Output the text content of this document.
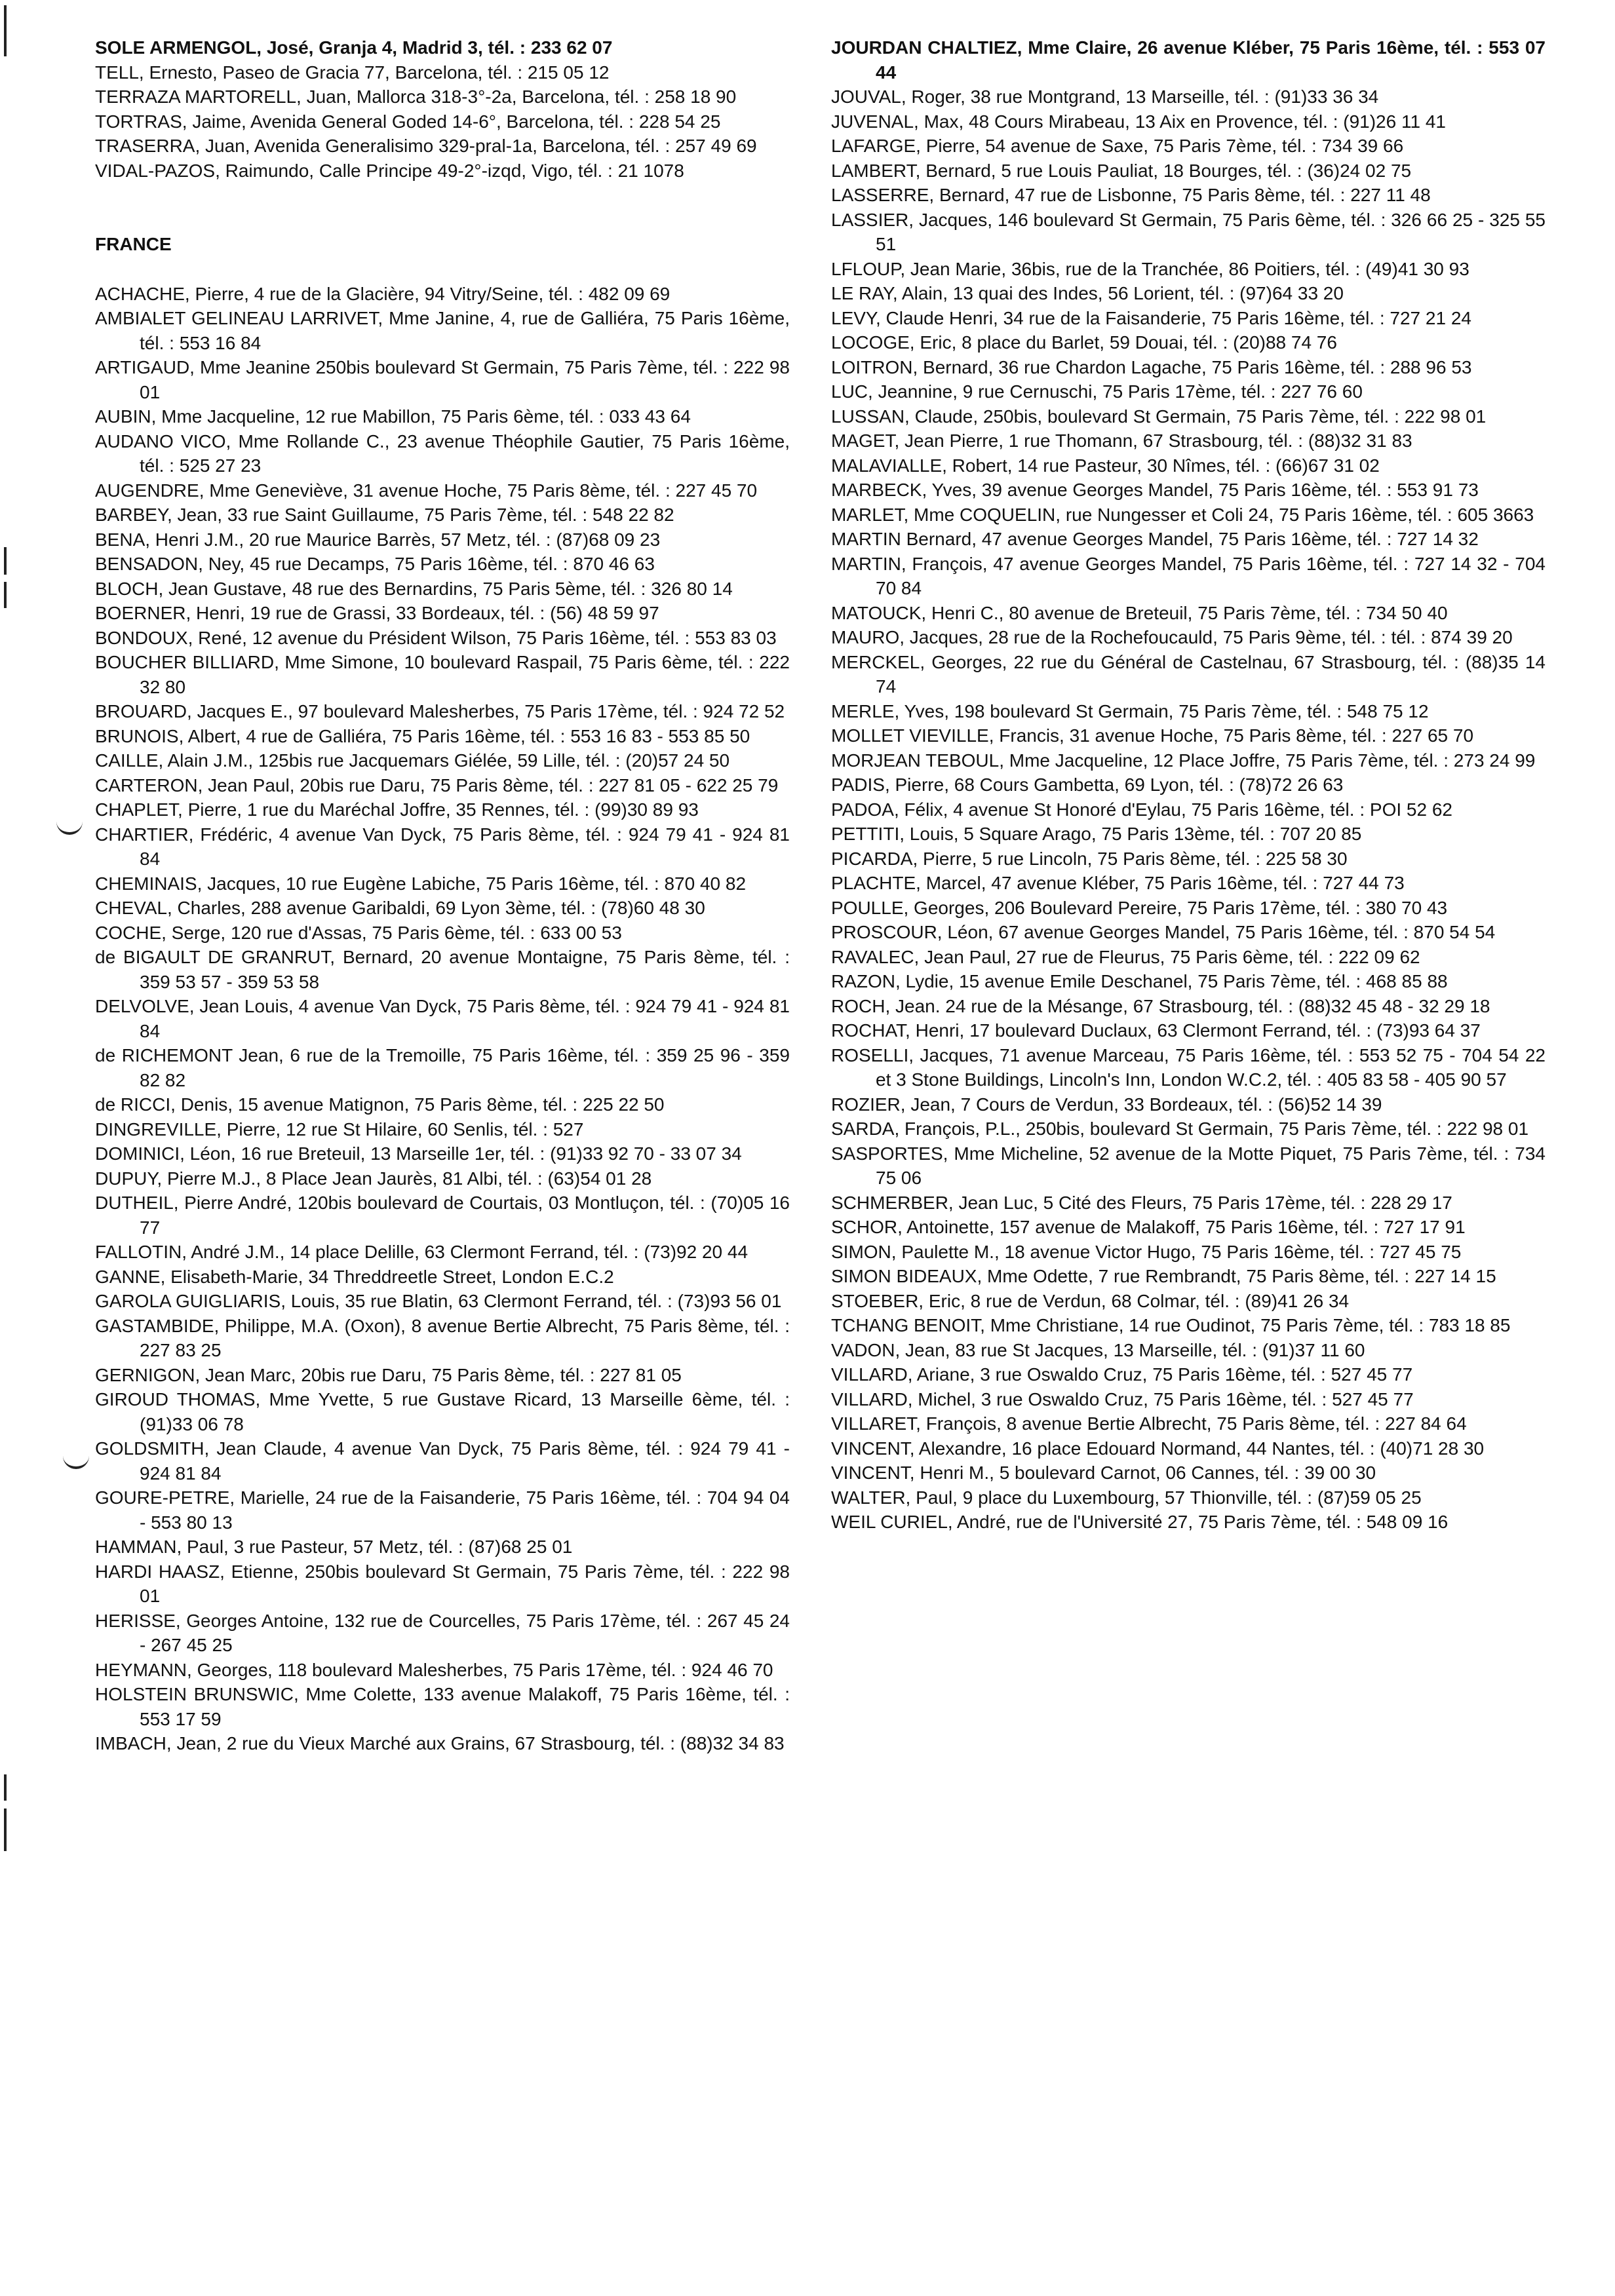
SOLE ARMENGOL, José, Granja 4, Madrid 3, tél. : 233 62 07
TELL, Ernesto, Paseo de Gracia 77, Barcelona, tél. : 215 05 12
TERRAZA MARTORELL, Juan, Mallorca 318-3°-2a, Barcelona, tél. : 258 18 90
TORTRAS, Jaime, Avenida General Goded 14-6°, Barcelona, tél. : 228 54 25
TRASERRA, Juan, Avenida Generalisimo 329-pral-1a, Barcelona, tél. : 257 49 69
VIDAL-PAZOS, Raimundo, Calle Principe 49-2°-izqd, Vigo, tél. : 21 1078
FRANCE
ACHACHE, Pierre, 4 rue de la Glacière, 94 Vitry/Seine, tél. : 482 09 69
AMBIALET GELINEAU LARRIVET, Mme Janine, 4, rue de Galliéra, 75 Paris 16ème, tél. : 553 16 84
ARTIGAUD, Mme Jeanine 250bis boulevard St Germain, 75 Paris 7ème, tél. : 222 98 01
AUBIN, Mme Jacqueline, 12 rue Mabillon, 75 Paris 6ème, tél. : 033 43 64
AUDANO VICO, Mme Rollande C., 23 avenue Théophile Gautier, 75 Paris 16ème, tél. : 525 27 23
AUGENDRE, Mme Geneviève, 31 avenue Hoche, 75 Paris 8ème, tél. : 227 45 70
BARBEY, Jean, 33 rue Saint Guillaume, 75 Paris 7ème, tél. : 548 22 82
BENA, Henri J.M., 20 rue Maurice Barrès, 57 Metz, tél. : (87)68 09 23
BENSADON, Ney, 45 rue Decamps, 75 Paris 16ème, tél. : 870 46 63
BLOCH, Jean Gustave, 48 rue des Bernardins, 75 Paris 5ème, tél. : 326 80 14
BOERNER, Henri, 19 rue de Grassi, 33 Bordeaux, tél. : (56) 48 59 97
BONDOUX, René, 12 avenue du Président Wilson, 75 Paris 16ème, tél. : 553 83 03
BOUCHER BILLIARD, Mme Simone, 10 boulevard Raspail, 75 Paris 6ème, tél. : 222 32 80
BROUARD, Jacques E., 97 boulevard Malesherbes, 75 Paris 17ème, tél. : 924 72 52
BRUNOIS, Albert, 4 rue de Galliéra, 75 Paris 16ème, tél. : 553 16 83 - 553 85 50
CAILLE, Alain J.M., 125bis rue Jacquemars Giélée, 59 Lille, tél. : (20)57 24 50
CARTERON, Jean Paul, 20bis rue Daru, 75 Paris 8ème, tél. : 227 81 05 - 622 25 79
CHAPLET, Pierre, 1 rue du Maréchal Joffre, 35 Rennes, tél. : (99)30 89 93
CHARTIER, Frédéric, 4 avenue Van Dyck, 75 Paris 8ème, tél. : 924 79 41 - 924 81 84
CHEMINAIS, Jacques, 10 rue Eugène Labiche, 75 Paris 16ème, tél. : 870 40 82
CHEVAL, Charles, 288 avenue Garibaldi, 69 Lyon 3ème, tél. : (78)60 48 30
COCHE, Serge, 120 rue d'Assas, 75 Paris 6ème, tél. : 633 00 53
de BIGAULT DE GRANRUT, Bernard, 20 avenue Montaigne, 75 Paris 8ème, tél. : 359 53 57 - 359 53 58
DELVOLVE, Jean Louis, 4 avenue Van Dyck, 75 Paris 8ème, tél. : 924 79 41 - 924 81 84
de RICHEMONT Jean, 6 rue de la Tremoille, 75 Paris 16ème, tél. : 359 25 96 - 359 82 82
de RICCI, Denis, 15 avenue Matignon, 75 Paris 8ème, tél. : 225 22 50
DINGREVILLE, Pierre, 12 rue St Hilaire, 60 Senlis, tél. : 527
DOMINICI, Léon, 16 rue Breteuil, 13 Marseille 1er, tél. : (91)33 92 70 - 33 07 34
DUPUY, Pierre M.J., 8 Place Jean Jaurès, 81 Albi, tél. : (63)54 01 28
DUTHEIL, Pierre André, 120bis boulevard de Courtais, 03 Montluçon, tél. : (70)05 16 77
FALLOTIN, André J.M., 14 place Delille, 63 Clermont Ferrand, tél. : (73)92 20 44
GANNE, Elisabeth-Marie, 34 Threddreetle Street, London E.C.2
GAROLA GUIGLIARIS, Louis, 35 rue Blatin, 63 Clermont Ferrand, tél. : (73)93 56 01
GASTAMBIDE, Philippe, M.A. (Oxon), 8 avenue Bertie Albrecht, 75 Paris 8ème, tél. : 227 83 25
GERNIGON, Jean Marc, 20bis rue Daru, 75 Paris 8ème, tél. : 227 81 05
GIROUD THOMAS, Mme Yvette, 5 rue Gustave Ricard, 13 Marseille 6ème, tél. : (91)33 06 78
GOLDSMITH, Jean Claude, 4 avenue Van Dyck, 75 Paris 8ème, tél. : 924 79 41 - 924 81 84
GOURE-PETRE, Marielle, 24 rue de la Faisanderie, 75 Paris 16ème, tél. : 704 94 04 - 553 80 13
HAMMAN, Paul, 3 rue Pasteur, 57 Metz, tél. : (87)68 25 01
HARDI HAASZ, Etienne, 250bis boulevard St Germain, 75 Paris 7ème, tél. : 222 98 01
HERISSE, Georges Antoine, 132 rue de Courcelles, 75 Paris 17ème, tél. : 267 45 24 - 267 45 25
HEYMANN, Georges, 118 boulevard Malesherbes, 75 Paris 17ème, tél. : 924 46 70
HOLSTEIN BRUNSWIC, Mme Colette, 133 avenue Malakoff, 75 Paris 16ème, tél. : 553 17 59
IMBACH, Jean, 2 rue du Vieux Marché aux Grains, 67 Strasbourg, tél. : (88)32 34 83
JOURDAN CHALTIEZ, Mme Claire, 26 avenue Kléber, 75 Paris 16ème, tél. : 553 07 44
JOUVAL, Roger, 38 rue Montgrand, 13 Marseille, tél. : (91)33 36 34
JUVENAL, Max, 48 Cours Mirabeau, 13 Aix en Provence, tél. : (91)26 11 41
LAFARGE, Pierre, 54 avenue de Saxe, 75 Paris 7ème, tél. : 734 39 66
LAMBERT, Bernard, 5 rue Louis Pauliat, 18 Bourges, tél. : (36)24 02 75
LASSERRE, Bernard, 47 rue de Lisbonne, 75 Paris 8ème, tél. : 227 11 48
LASSIER, Jacques, 146 boulevard St Germain, 75 Paris 6ème, tél. : 326 66 25 - 325 55 51
LFLOUP, Jean Marie, 36bis, rue de la Tranchée, 86 Poitiers, tél. : (49)41 30 93
LE RAY, Alain, 13 quai des Indes, 56 Lorient, tél. : (97)64 33 20
LEVY, Claude Henri, 34 rue de la Faisanderie, 75 Paris 16ème, tél. : 727 21 24
LOCOGE, Eric, 8 place du Barlet, 59 Douai, tél. : (20)88 74 76
LOITRON, Bernard, 36 rue Chardon Lagache, 75 Paris 16ème, tél. : 288 96 53
LUC, Jeannine, 9 rue Cernuschi, 75 Paris 17ème, tél. : 227 76 60
LUSSAN, Claude, 250bis, boulevard St Germain, 75 Paris 7ème, tél. : 222 98 01
MAGET, Jean Pierre, 1 rue Thomann, 67 Strasbourg, tél. : (88)32 31 83
MALAVIALLE, Robert, 14 rue Pasteur, 30 Nîmes, tél. : (66)67 31 02
MARBECK, Yves, 39 avenue Georges Mandel, 75 Paris 16ème, tél. : 553 91 73
MARLET, Mme COQUELIN, rue Nungesser et Coli 24, 75 Paris 16ème, tél. : 605 3663
MARTIN Bernard, 47 avenue Georges Mandel, 75 Paris 16ème, tél. : 727 14 32
MARTIN, François, 47 avenue Georges Mandel, 75 Paris 16ème, tél. : 727 14 32 - 704 70 84
MATOUCK, Henri C., 80 avenue de Breteuil, 75 Paris 7ème, tél. : 734 50 40
MAURO, Jacques, 28 rue de la Rochefoucauld, 75 Paris 9ème, tél. : tél. : 874 39 20
MERCKEL, Georges, 22 rue du Général de Castelnau, 67 Strasbourg, tél. : (88)35 14 74
MERLE, Yves, 198 boulevard St Germain, 75 Paris 7ème, tél. : 548 75 12
MOLLET VIEVILLE, Francis, 31 avenue Hoche, 75 Paris 8ème, tél. : 227 65 70
MORJEAN TEBOUL, Mme Jacqueline, 12 Place Joffre, 75 Paris 7ème, tél. : 273 24 99
PADIS, Pierre, 68 Cours Gambetta, 69 Lyon, tél. : (78)72 26 63
PADOA, Félix, 4 avenue St Honoré d'Eylau, 75 Paris 16ème, tél. : POI 52 62
PETTITI, Louis, 5 Square Arago, 75 Paris 13ème, tél. : 707 20 85
PICARDA, Pierre, 5 rue Lincoln, 75 Paris 8ème, tél. : 225 58 30
PLACHTE, Marcel, 47 avenue Kléber, 75 Paris 16ème, tél. : 727 44 73
POULLE, Georges, 206 Boulevard Pereire, 75 Paris 17ème, tél. : 380 70 43
PROSCOUR, Léon, 67 avenue Georges Mandel, 75 Paris 16ème, tél. : 870 54 54
RAVALEC, Jean Paul, 27 rue de Fleurus, 75 Paris 6ème, tél. : 222 09 62
RAZON, Lydie, 15 avenue Emile Deschanel, 75 Paris 7ème, tél. : 468 85 88
ROCH, Jean. 24 rue de la Mésange, 67 Strasbourg, tél. : (88)32 45 48 - 32 29 18
ROCHAT, Henri, 17 boulevard Duclaux, 63 Clermont Ferrand, tél. : (73)93 64 37
ROSELLI, Jacques, 71 avenue Marceau, 75 Paris 16ème, tél. : 553 52 75 - 704 54 22 et 3 Stone Buildings, Lincoln's Inn, London W.C.2, tél. : 405 83 58 - 405 90 57
ROZIER, Jean, 7 Cours de Verdun, 33 Bordeaux, tél. : (56)52 14 39
SARDA, François, P.L., 250bis, boulevard St Germain, 75 Paris 7ème, tél. : 222 98 01
SASPORTES, Mme Micheline, 52 avenue de la Motte Piquet, 75 Paris 7ème, tél. : 734 75 06
SCHMERBER, Jean Luc, 5 Cité des Fleurs, 75 Paris 17ème, tél. : 228 29 17
SCHOR, Antoinette, 157 avenue de Malakoff, 75 Paris 16ème, tél. : 727 17 91
SIMON, Paulette M., 18 avenue Victor Hugo, 75 Paris 16ème, tél. : 727 45 75
SIMON BIDEAUX, Mme Odette, 7 rue Rembrandt, 75 Paris 8ème, tél. : 227 14 15
STOEBER, Eric, 8 rue de Verdun, 68 Colmar, tél. : (89)41 26 34
TCHANG BENOIT, Mme Christiane, 14 rue Oudinot, 75 Paris 7ème, tél. : 783 18 85
VADON, Jean, 83 rue St Jacques, 13 Marseille, tél. : (91)37 11 60
VILLARD, Ariane, 3 rue Oswaldo Cruz, 75 Paris 16ème, tél. : 527 45 77
VILLARD, Michel, 3 rue Oswaldo Cruz, 75 Paris 16ème, tél. : 527 45 77
VILLARET, François, 8 avenue Bertie Albrecht, 75 Paris 8ème, tél. : 227 84 64
VINCENT, Alexandre, 16 place Edouard Normand, 44 Nantes, tél. : (40)71 28 30
VINCENT, Henri M., 5 boulevard Carnot, 06 Cannes, tél. : 39 00 30
WALTER, Paul, 9 place du Luxembourg, 57 Thionville, tél. : (87)59 05 25
WEIL CURIEL, André, rue de l'Université 27, 75 Paris 7ème, tél. : 548 09 16
